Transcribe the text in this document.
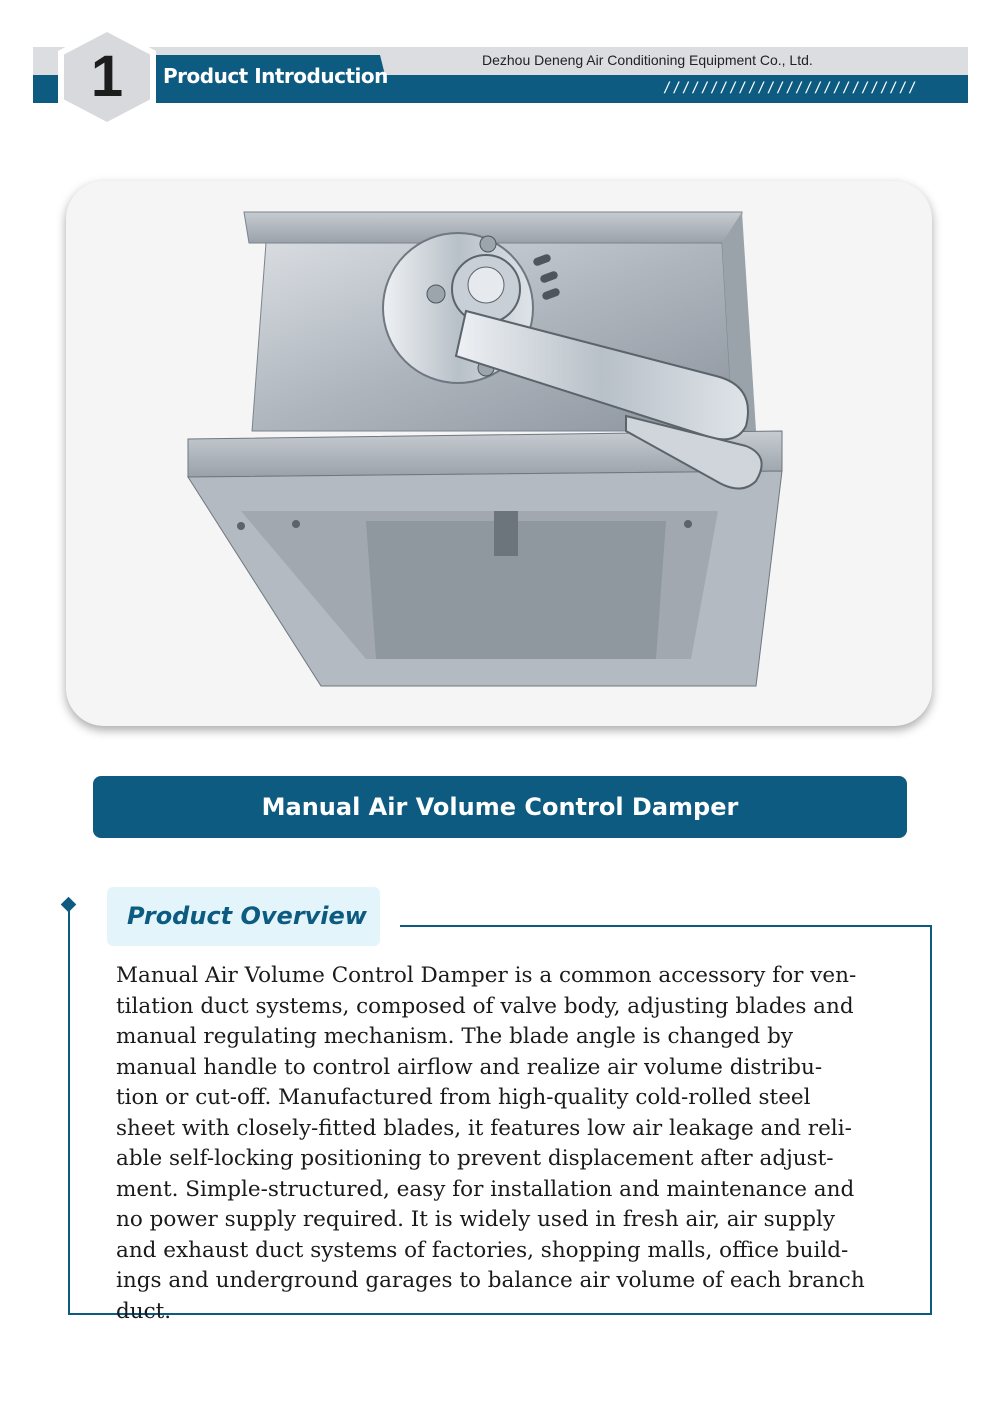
Product Introduction
1	Dezhou Deneng Air Conditioning Equipment Co., Ltd.
///////////////////////////
Manual Air Volume Control Damper
Product Overview
Manual Air Volume Control Damper is a common accessory for ven-
tilation duct systems, composed of valve body, adjusting blades and
manual regulating mechanism. The blade angle is changed by
manual handle to control airflow and realize air volume distribu-
tion or cut-off. Manufactured from high-quality cold-rolled steel
sheet with closely-fitted blades, it features low air leakage and reli-
able self-locking positioning to prevent displacement after adjust-
ment. Simple-structured, easy for installation and maintenance and
no power supply required. It is widely used in fresh air, air supply
and exhaust duct systems of factories, shopping malls, office build-
ings and underground garages to balance air volume of each branch
duct.
